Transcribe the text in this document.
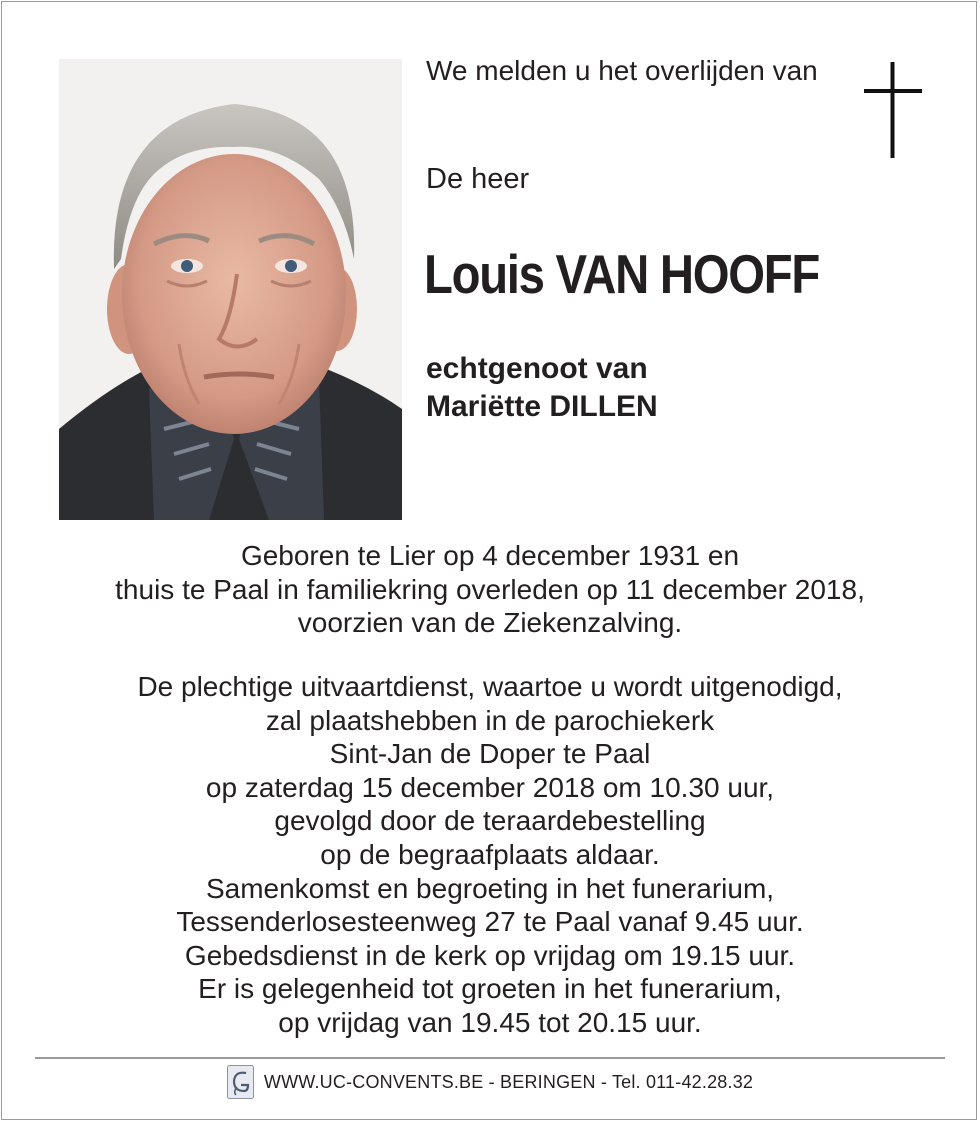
We melden u het overlijden van

De heer
Louis VAN HOOFF
echtgenoot van
Mariëtte DILLEN
Geboren te Lier op 4 december 1931 en
thuis te Paal in familiekring overleden op 11 december 2018,
voorzien van de Ziekenzalving.
De plechtige uitvaartdienst, waartoe u wordt uitgenodigd,
zal plaatshebben in de parochiekerk
Sint-Jan de Doper te Paal
op zaterdag 15 december 2018 om 10.30 uur,
gevolgd door de teraardebestelling
op de begraafplaats aldaar.
Samenkomst en begroeting in het funerarium,
Tessenderlosesteenweg 27 te Paal vanaf 9.45 uur.
Gebedsdienst in de kerk op vrijdag om 19.15 uur.
Er is gelegenheid tot groeten in het funerarium,
op vrijdag van 19.45 tot 20.15 uur.
WWW.UC-CONVENTS.BE - BERINGEN - Tel. 011-42.28.32
